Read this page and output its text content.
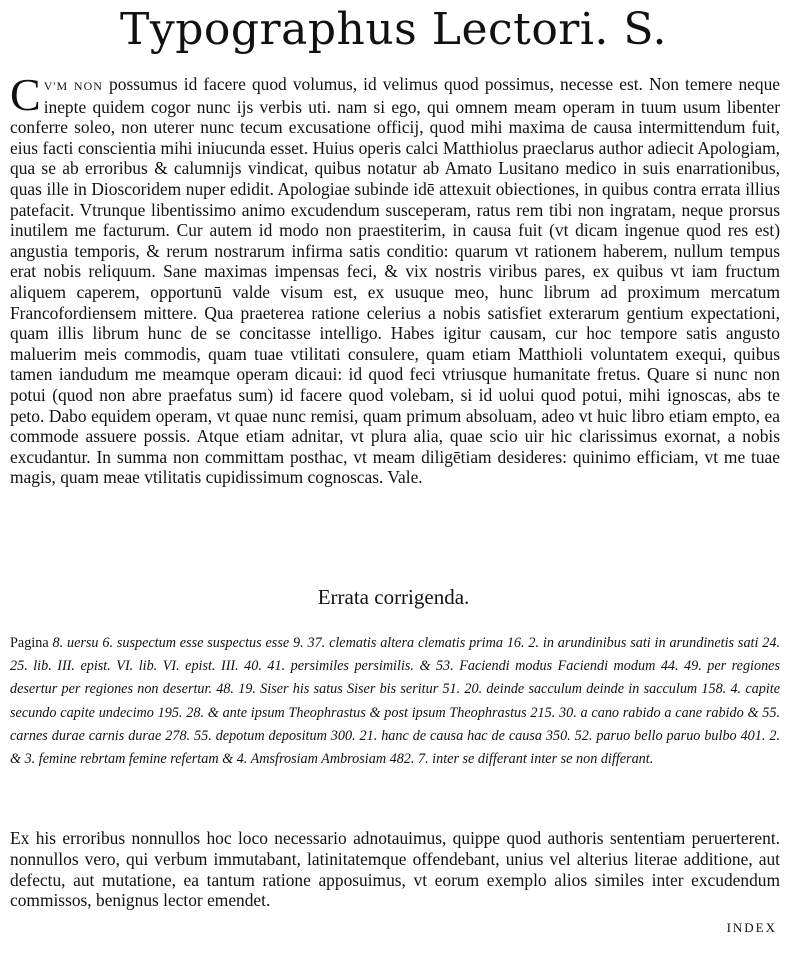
Typographus Lectori. S.
C V'M NON possumus id facere quod volumus, id velimus quod possimus, necesse est. Non temere neque inepte quidem cogor nunc ijs verbis uti. nam si ego, qui omnem meam operam in tuum usum libenter conferre soleo, non uterer nunc tecum excusatione officij, quod mihi maxima de causa intermittendum fuit, eius facti conscientia mihi iniucunda esset. Huius operis calci Matthiolus praeclarus author adiecit Apologiam, qua se ab erroribus & calumnijs vindicat, quibus notatur ab Amato Lusitano medico in suis enarrationibus, quas ille in Dioscoridem nuper edidit. Apologiae subinde idē attexuit obiectiones, in quibus contra errata illius patefacit. Vtrunque libentissimo animo excudendum susceperam, ratus rem tibi non ingratam, neque prorsus inutilem me facturum. Cur autem id modo non praestiterim, in causa fuit (vt dicam ingenue quod res est) angustia temporis, & rerum nostrarum infirma satis conditio: quarum vt rationem haberem, nullum tempus erat nobis reliquum. Sane maximas impensas feci, & vix nostris viribus pares, ex quibus vt iam fructum aliquem caperem, opportunū valde visum est, ex usuque meo, hunc librum ad proximum mercatum Francofordiensem mittere. Qua praeterea ratione celerius a nobis satisfiet exterarum gentium expectationi, quam illis librum hunc de se concitasse intelligo. Habes igitur causam, cur hoc tempore satis angusto maluerim meis commodis, quam tuae vtilitati consulere, quam etiam Matthioli voluntatem exequi, quibus tamen iandudum me meamque operam dicaui: id quod feci vtriusque humanitate fretus. Quare si nunc non potui (quod non abre praefatus sum) id facere quod volebam, si id uolui quod potui, mihi ignoscas, abs te peto. Dabo equidem operam, vt quae nunc remisi, quam primum absoluam, adeo vt huic libro etiam empto, ea commode assuere possis. Atque etiam adnitar, vt plura alia, quae scio uir hic clarissimus exornat, a nobis excudantur. In summa non committam posthac, vt meam diligētiam desideres: quinimo efficiam, vt me tuae magis, quam meae vtilitatis cupidissimum cognoscas. Vale.
Errata corrigenda.
Pagina 8. uersu 6. suspectum esse suspectus esse 9. 37. clematis altera clematis prima 16. 2. in arundinibus sati in arundinetis sati 24. 25. lib. III. epist. VI. lib. VI. epist. III. 40. 41. persimiles persimilis. & 53. Faciendi modus Faciendi modum 44. 49. per regiones desertur per regiones non desertur. 48. 19. Siser his satus Siser bis seritur 51. 20. deinde sacculum deinde in sacculum 158. 4. capite secundo capite undecimo 195. 28. & ante ipsum Theophrastus & post ipsum Theophrastus 215. 30. a cano rabido a cane rabido & 55. carnes durae carnis durae 278. 55. depotum depositum 300. 21. hanc de causa hac de causa 350. 52. paruo bello paruo bulbo 401. 2. & 3. femine rebrtam femine refertam & 4. Amsfrosiam Ambrosiam 482. 7. inter se differant inter se non differant.
Ex his erroribus nonnullos hoc loco necessario adnotauimus, quippe quod authoris sententiam peruerterent. nonnullos vero, qui verbum immutabant, latinitatemque offendebant, unius vel alterius literae additione, aut defectu, aut mutatione, ea tantum ratione apposuimus, vt eorum exemplo alios similes inter excudendum commissos, benignus lector emendet.
INDEX
